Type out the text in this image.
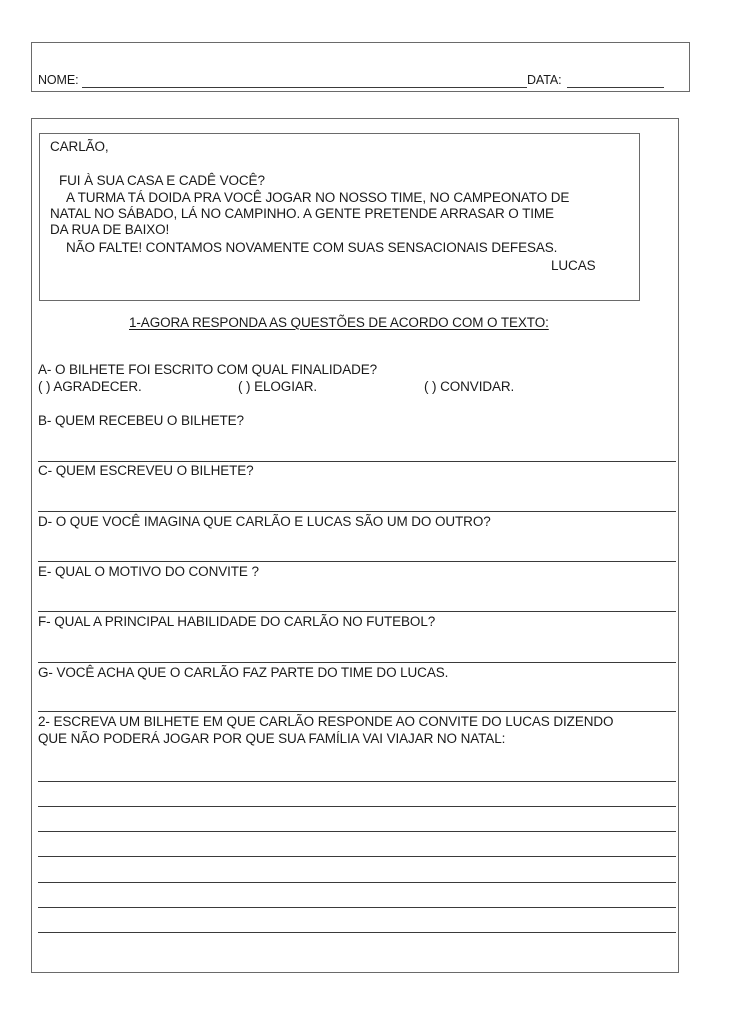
NOME:	DATA:
CARLÃO,
FUI À SUA CASA E CADÊ VOCÊ?
A TURMA TÁ DOIDA PRA VOCÊ JOGAR NO NOSSO TIME, NO CAMPEONATO DE
NATAL NO SÁBADO, LÁ NO CAMPINHO. A GENTE PRETENDE ARRASAR O TIME
DA RUA DE BAIXO!
NÃO FALTE! CONTAMOS NOVAMENTE COM SUAS SENSACIONAIS DEFESAS.
LUCAS
1-AGORA RESPONDA AS QUESTÕES DE ACORDO COM O TEXTO:
A- O BILHETE FOI ESCRITO COM QUAL FINALIDADE?
( ) AGRADECER.	( ) ELOGIAR.	( ) CONVIDAR.
B- QUEM RECEBEU O BILHETE?
C- QUEM ESCREVEU O BILHETE?
D- O QUE VOCÊ IMAGINA QUE CARLÃO E LUCAS SÃO UM DO OUTRO?
E- QUAL O MOTIVO DO CONVITE ?
F- QUAL A PRINCIPAL HABILIDADE DO CARLÃO NO FUTEBOL?
G- VOCÊ ACHA QUE O CARLÃO FAZ PARTE DO TIME DO LUCAS.
2- ESCREVA UM BILHETE EM QUE CARLÃO RESPONDE AO CONVITE DO LUCAS DIZENDO
QUE NÃO PODERÁ JOGAR POR QUE SUA FAMÍLIA VAI VIAJAR NO NATAL:
